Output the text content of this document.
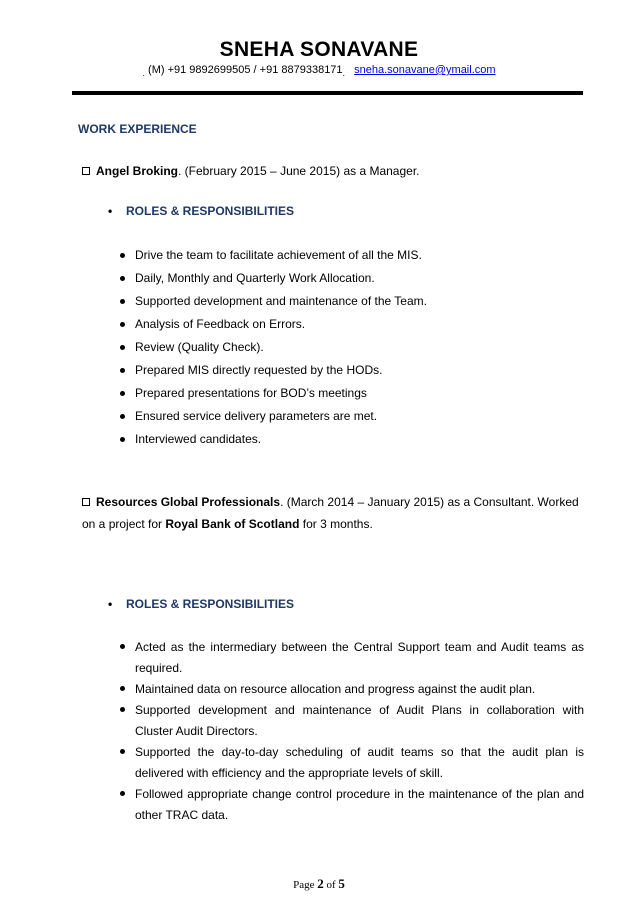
SNEHA SONAVANE
$_.$ (M) +91 9892699505 / +91 $8879338171_.$ sneha.sonavane@ymail.com
WORK EXPERIENCE
Angel Broking. (February 2015 – June 2015) as a Manager.
• ROLES & RESPONSIBILITIES
Drive the team to facilitate achievement of all the MIS.
Daily, Monthly and Quarterly Work Allocation.
Supported development and maintenance of the Team.
Analysis of Feedback on Errors.
Review (Quality Check).
Prepared MIS directly requested by the HODs.
Prepared presentations for BOD’s meetings
Ensured service delivery parameters are met.
Interviewed candidates.
Resources Global Professionals. (March 2014 – January 2015) as a Consultant. Worked
on a project for Royal Bank of Scotland for 3 months.
• ROLES & RESPONSIBILITIES
Acted as the intermediary between the Central Support team and Audit teams as required.
Maintained data on resource allocation and progress against the audit plan.
Supported development and maintenance of Audit Plans in collaboration with Cluster Audit Directors.
Supported the day-to-day scheduling of audit teams so that the audit plan is delivered with efficiency and the appropriate levels of skill.
Followed appropriate change control procedure in the maintenance of the plan and other TRAC data.
Page 2 of 5
